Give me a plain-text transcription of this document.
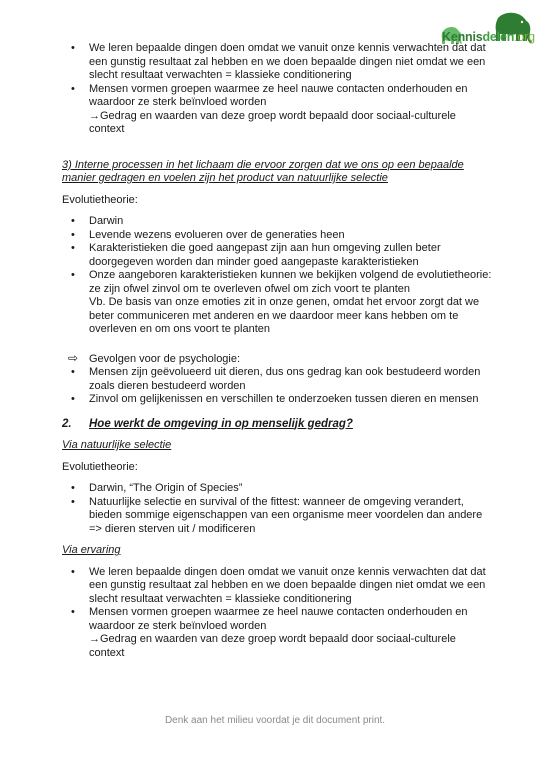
Kennisdelen.org
• We leren bepaalde dingen doen omdat we vanuit onze kennis verwachten dat dat een gunstig resultaat zal hebben en we doen bepaalde dingen niet omdat we een slecht resultaat verwachten = klassieke conditionering
• Mensen vormen groepen waarmee ze heel nauwe contacten onderhouden en waardoor ze sterk beïnvloed worden
→Gedrag en waarden van deze groep wordt bepaald door sociaal-culturele context
3) Interne processen in het lichaam die ervoor zorgen dat we ons op een bepaalde manier gedragen en voelen zijn het product van natuurlijke selectie
Evolutietheorie:
• Darwin
• Levende wezens evolueren over de generaties heen
• Karakteristieken die goed aangepast zijn aan hun omgeving zullen beter doorgegeven worden dan minder goed aangepaste karakteristieken
• Onze aangeboren karakteristieken kunnen we bekijken volgend de evolutietheorie: ze zijn ofwel zinvol om te overleven ofwel om zich voort te planten
Vb. De basis van onze emoties zit in onze genen, omdat het ervoor zorgt dat we beter communiceren met anderen en we daardoor meer kans hebben om te overleven en om ons voort te planten
⇨ Gevolgen voor de psychologie:
• Mensen zijn geëvolueerd uit dieren, dus ons gedrag kan ook bestudeerd worden zoals dieren bestudeerd worden
• Zinvol om gelijkenissen en verschillen te onderzoeken tussen dieren en mensen
2. Hoe werkt de omgeving in op menselijk gedrag?
Via natuurlijke selectie
Evolutietheorie:
• Darwin, “The Origin of Species”
• Natuurlijke selectie en survival of the fittest: wanneer de omgeving verandert, bieden sommige eigenschappen van een organisme meer voordelen dan andere => dieren sterven uit / modificeren
Via ervaring
• We leren bepaalde dingen doen omdat we vanuit onze kennis verwachten dat dat een gunstig resultaat zal hebben en we doen bepaalde dingen niet omdat we een slecht resultaat verwachten = klassieke conditionering
• Mensen vormen groepen waarmee ze heel nauwe contacten onderhouden en waardoor ze sterk beïnvloed worden
→Gedrag en waarden van deze groep wordt bepaald door sociaal-culturele context
Denk aan het milieu voordat je dit document print.
